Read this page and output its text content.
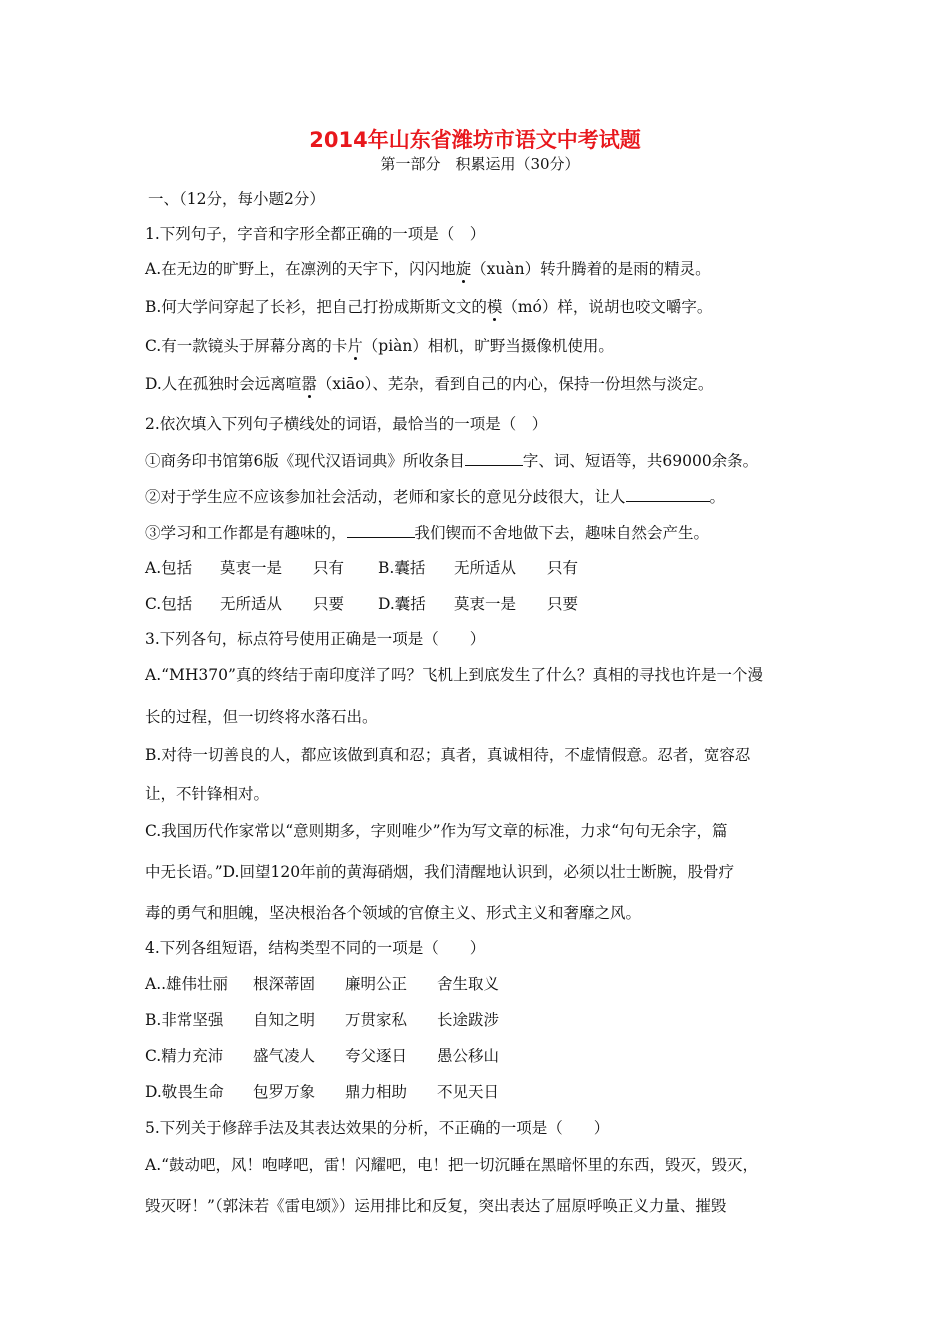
2014年山东省潍坊市语文中考试题
第一部分　积累运用（30分）
一、（12分，每小题2分）
1.下列句子，字音和字形全都正确的一项是（　）
A.在无边的旷野上，在凛洌的天宇下，闪闪地旋（xuàn）转升腾着的是雨的精灵。
B.何大学问穿起了长衫，把自己打扮成斯斯文文的模（mó）样，说胡也咬文嚼字。
C.有一款镜头于屏幕分离的卡片（piàn）相机，旷野当摄像机使用。
D.人在孤独时会远离喧嚣（xiāo）、芜杂，看到自己的内心，保持一份坦然与淡定。
2.依次填入下列句子横线处的词语，最恰当的一项是（　）
①商务印书馆第6版《现代汉语词典》所收条目	字、词、短语等，共69000余条。
②对于学生应不应该参加社会活动，老师和家长的意见分歧很大，让人	。
③学习和工作都是有趣味的，	我们锲而不舍地做下去，趣味自然会产生。
A.包括 莫衷一是 只有 B.囊括 无所适从 只有
C.包括 无所适从 只要 D.囊括 莫衷一是 只要
3.下列各句，标点符号使用正确是一项是（　　）
A.“MH370”真的终结于南印度洋了吗？飞机上到底发生了什么？真相的寻找也许是一个漫
长的过程，但一切终将水落石出。
B.对待一切善良的人，都应该做到真和忍；真者，真诚相待，不虚情假意。忍者，宽容忍
让，不针锋相对。
C.我国历代作家常以“意则期多，字则唯少”作为写文章的标准，力求“句句无余字，篇
中无长语。”D.回望120年前的黄海硝烟，我们清醒地认识到，必须以壮士断腕，股骨疗
毒的勇气和胆魄，坚决根治各个领域的官僚主义、形式主义和奢靡之风。
4.下列各组短语，结构类型不同的一项是（　　）
A..雄伟壮丽 根深蒂固 廉明公正 舍生取义
B.非常坚强 自知之明 万贯家私 长途跋涉
C.精力充沛 盛气凌人 夸父逐日 愚公移山
D.敬畏生命 包罗万象 鼎力相助 不见天日
5.下列关于修辞手法及其表达效果的分析，不正确的一项是（　　）
A.“鼓动吧，风！咆哮吧，雷！闪耀吧，电！把一切沉睡在黑暗怀里的东西，毁灭，毁灭，
毁灭呀！”（郭沫若《雷电颂》）运用排比和反复，突出表达了屈原呼唤正义力量、摧毁
